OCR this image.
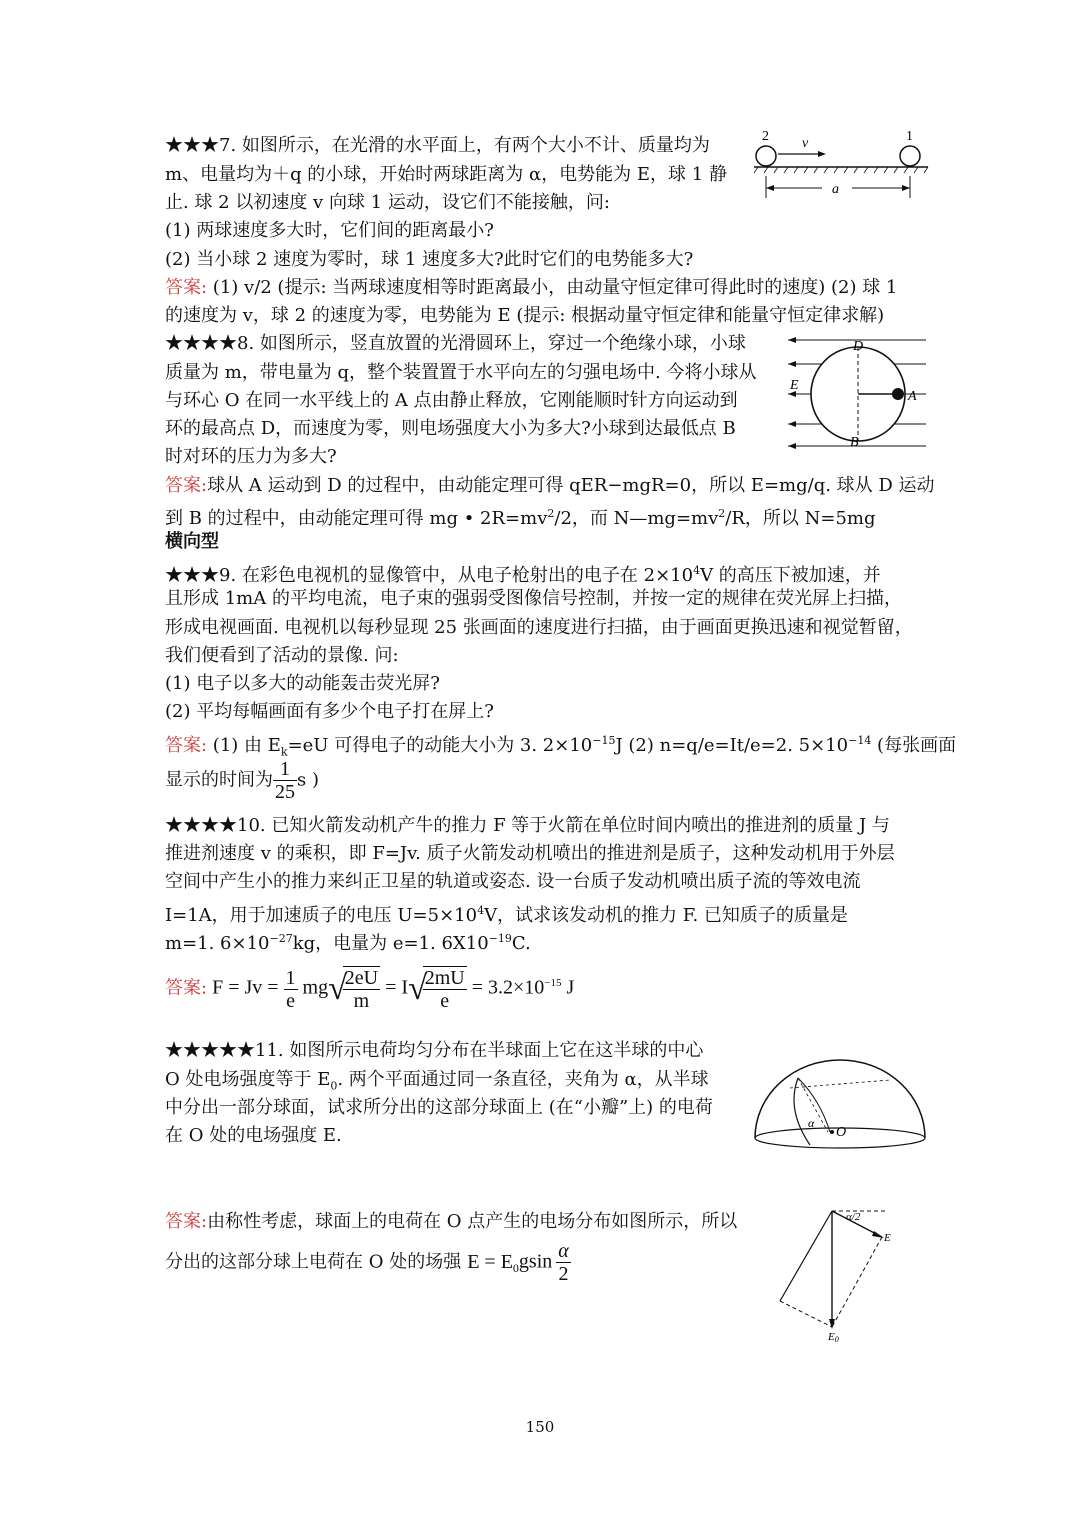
★★★7. 如图所示，在光滑的水平面上，有两个大小不计、质量均为
m、电量均为＋q 的小球，开始时两球距离为 α，电势能为 E，球 1 静
止. 球 2 以初速度 v 向球 1 运动，设它们不能接触，问:
(1) 两球速度多大时，它们间的距离最小?
(2) 当小球 2 速度为零时，球 1 速度多大?此时它们的电势能多大?
答案: (1) v/2 (提示: 当两球速度相等时距离最小，由动量守恒定律可得此时的速度) (2) 球 1
的速度为 v，球 2 的速度为零，电势能为 E (提示: 根据动量守恒定律和能量守恒定律求解)
2	1
v
a
★★★★8. 如图所示，竖直放置的光滑圆环上，穿过一个绝缘小球，小球
质量为 m，带电量为 q，整个装置置于水平向左的匀强电场中. 今将小球从
与环心 O 在同一水平线上的 A 点由静止释放，它刚能顺时针方向运动到
环的最高点 D，而速度为零，则电场强度大小为多大?小球到达最低点 B
时对环的压力为多大?
答案:球从 A 运动到 D 的过程中，由动能定理可得 qER−mgR=0，所以 E=mg/q. 球从 D 运动
到 B 的过程中，由动能定理可得 mg • $2R=mv^2/2$，而 $N—mg=mv^2/R$，所以 N=5mg
D
E
A
B
横向型
★★★9. 在彩色电视机的显像管中，从电子枪射出的电子在 $2\times 10^4V$ 的高压下被加速，并
且形成 1mA 的平均电流，电子束的强弱受图像信号控制，并按一定的规律在荧光屏上扫描，
形成电视画面. 电视机以每秒显现 25 张画面的速度进行扫描，由于画面更换迅速和视觉暂留，
我们便看到了活动的景像. 问:
(1) 电子以多大的动能轰击荧光屏?
(2) 平均每幅画面有多少个电子打在屏上?
答案: (1) 由 $E_k=eU$ 可得电子的动能大小为 3. $2\times 10^{-15}J$ (2) n=q/e=It/e=2. $5\times 10^{-14}$ (每张画面
显示的时间为 $\frac{1}{25}$ s )
★★★★10. 已知火箭发动机产牛的推力 F 等于火箭在单位时间内喷出的推进剂的质量 J 与
推进剂速度 v 的乘积，即 F=Jv. 质子火箭发动机喷出的推进剂是质子，这种发动机用于外层
空间中产生小的推力来纠正卫星的轨道或姿态. 设一台质子发动机喷出质子流的等效电流
I=1A，用于加速质子的电压 $U=5\times 10^4V$，试求该发动机的推力 F. 已知质子的质量是
m=1. $6\times 10^{-27}kg$，电量为 e=1. $6X10^{-19}C$.
答案: $F = Jv = \frac{1}{e} mg√$
$\frac{2eU}{m} = I√$
$\frac{2mU}{e} = 3.2\times 10^{-15}$ J
★★★★★11. 如图所示电荷均匀分布在半球面上它在这半球的中心
O 处电场强度等于 $E_0$. 两个平面通过同一条直径，夹角为 α，从半球
中分出一部分球面，试求所分出的这部分球面上 (在“小瓣”上) 的电荷
在 O 处的电场强度 E.
α
O
答案:由称性考虑，球面上的电荷在 O 点产生的电场分布如图所示，所以
分出的这部分球上电荷在 O 处的场强 $E = E_0gsin \frac{\alpha}{2}$
α/2
E
E0
150
